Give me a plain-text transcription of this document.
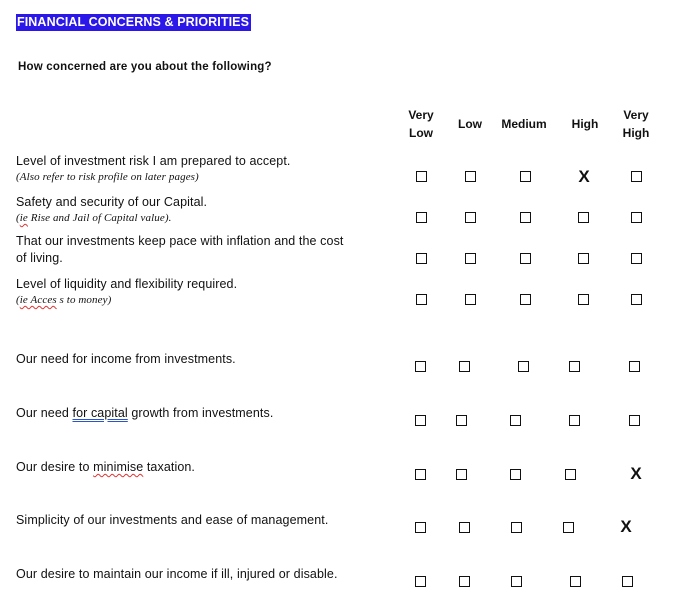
FINANCIAL CONCERNS & PRIORITIES
How concerned are you about the following?
Very
Low
Low	Medium	High
Very
High
Level of investment risk I am prepared to accept.
(Also refer to risk profile on later pages)
Safety and security of our Capital.
(ie Rise and Jail of Capital value).
That our investments keep pace with inflation and the cost
of living.
Level of liquidity and flexibility required.
(ie Acces s to money)
Our need for income from investments.
Our need for capital growth from investments.
Our desire to minimise taxation.
Simplicity of our investments and ease of management.
Our desire to maintain our income if ill, injured or disable.
X
X
X
